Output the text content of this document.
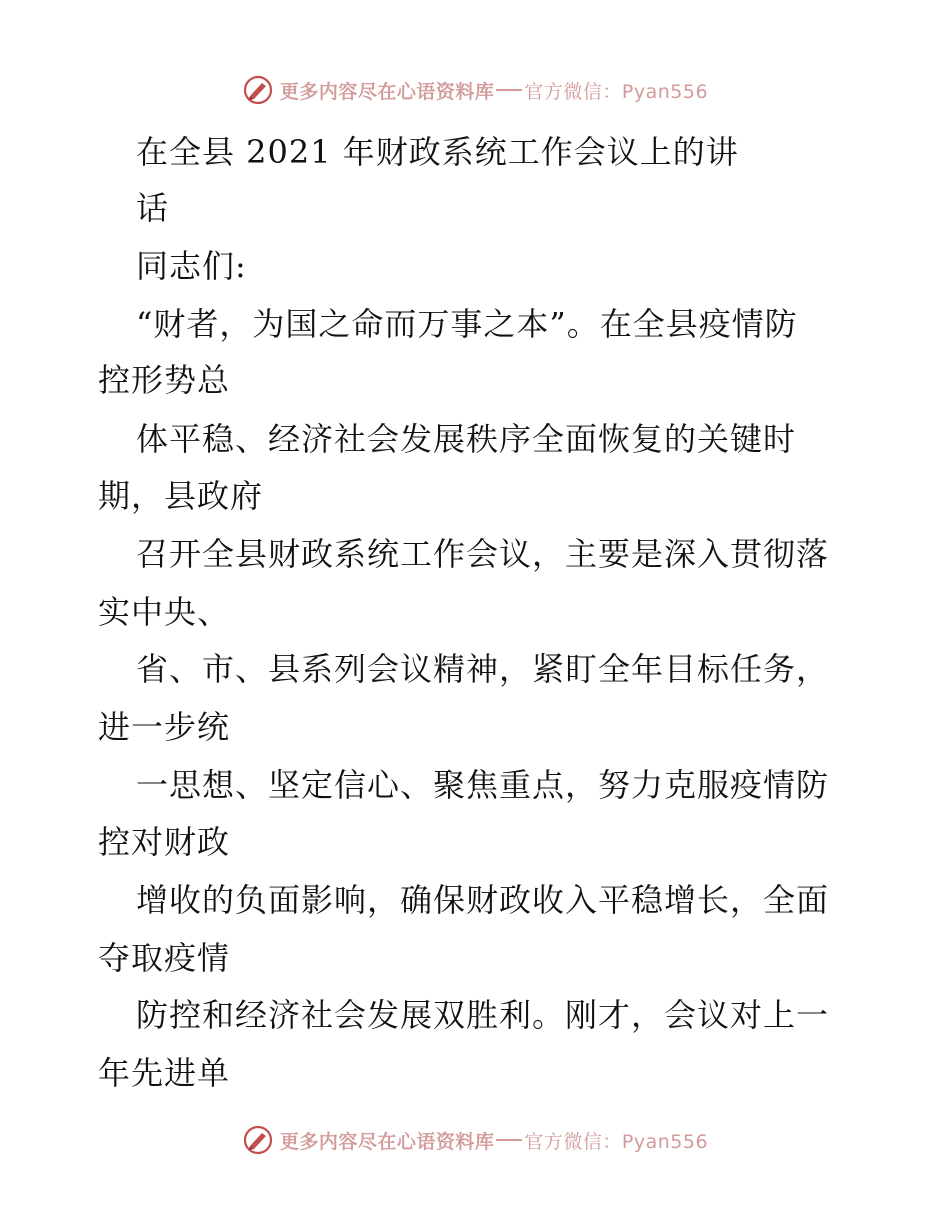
更多内容尽在心语资料库 官方微信：Pyan556
在全县 2021 年财政系统工作会议上的讲
话
同志们:
“财者，为国之命而万事之本”。在全县疫情防
控形势总
体平稳、经济社会发展秩序全面恢复的关键时
期，县政府
召开全县财政系统工作会议，主要是深入贯彻落
实中央、
省、市、县系列会议精神，紧盯全年目标任务，
进一步统
一思想、坚定信心、聚焦重点，努力克服疫情防
控对财政
增收的负面影响，确保财政收入平稳增长，全面
夺取疫情
防控和经济社会发展双胜利。刚才，会议对上一
年先进单
更多内容尽在心语资料库 官方微信：Pyan556
